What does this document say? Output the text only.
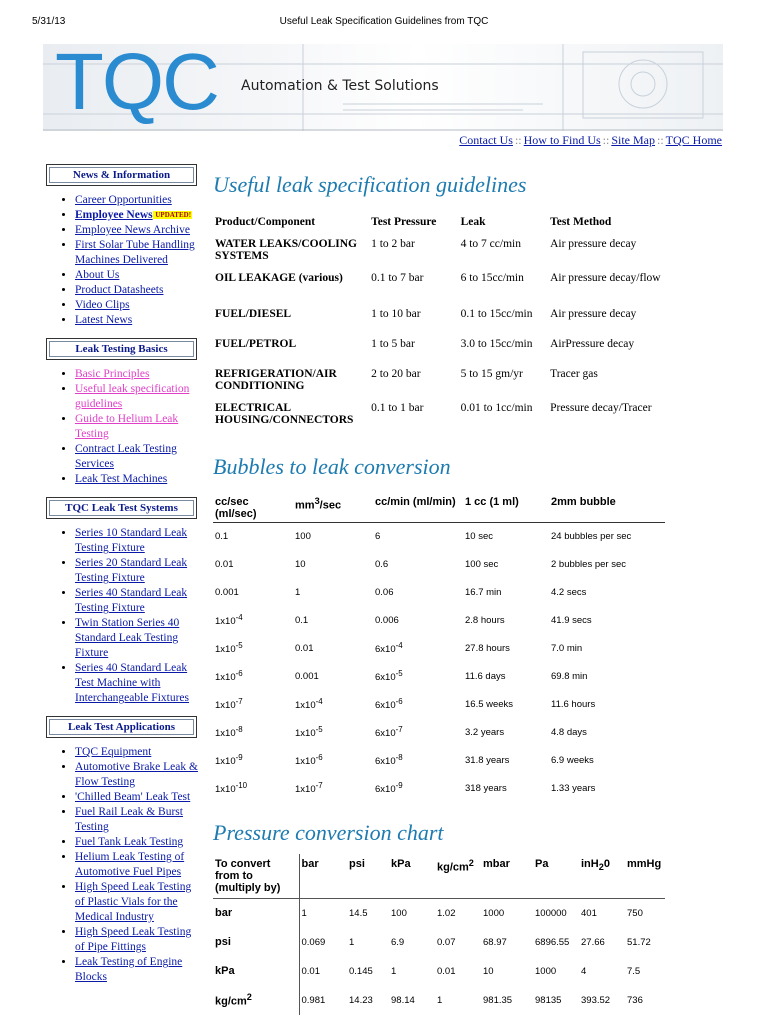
5/31/13	Useful Leak Specification Guidelines from TQC
TQC Automation & Test Solutions
Contact Us :: How to Find Us :: Site Map :: TQC Home
News & Information
• Career Opportunities
• Employee News UPDATED!
• Employee News Archive
• First Solar Tube Handling Machines Delivered
• About Us
• Product Datasheets
• Video Clips
• Latest News
Leak Testing Basics
• Basic Principles
• Useful leak specification guidelines
• Guide to Helium Leak Testing
• Contract Leak Testing Services
• Leak Test Machines
TQC Leak Test Systems
• Series 10 Standard Leak Testing Fixture
• Series 20 Standard Leak Testing Fixture
• Series 40 Standard Leak Testing Fixture
• Twin Station Series 40 Standard Leak Testing Fixture
• Series 40 Standard Leak Test Machine with Interchangeable Fixtures
Leak Test Applications
• TQC Equipment
• Automotive Brake Leak & Flow Testing
• 'Chilled Beam' Leak Test
• Fuel Rail Leak & Burst Testing
• Fuel Tank Leak Testing
• Helium Leak Testing of Automotive Fuel Pipes
• High Speed Leak Testing of Plastic Vials for the Medical Industry
• High Speed Leak Testing of Pipe Fittings
• Leak Testing of Engine Blocks
Useful leak specification guidelines
Product/Component	Test Pressure	Leak	Test Method
WATER LEAKS/COOLING SYSTEMS	1 to 2 bar	4 to 7 cc/min	Air pressure decay
OIL LEAKAGE (various)	0.1 to 7 bar	6 to 15cc/min	Air pressure decay/flow
FUEL/DIESEL	1 to 10 bar	0.1 to 15cc/min	Air pressure decay
FUEL/PETROL	1 to 5 bar	3.0 to 15cc/min	AirPressure decay
REFRIGERATION/AIR CONDITIONING	2 to 20 bar	5 to 15 gm/yr	Tracer gas
ELECTRICAL HOUSING/CONNECTORS	0.1 to 1 bar	0.01 to 1cc/min	Pressure decay/Tracer
Bubbles to leak conversion
cc/sec (ml/sec)	$mm^3/\sec$	cc/min (ml/min)	1 cc (1 ml)	2mm bubble
0.1	100	6	10 sec	24 bubbles per sec
0.01	10	0.6	100 sec	2 bubbles per sec
0.001	1	0.06	16.7 min	4.2 secs
$1x10^{-4}$	0.1	0.006	2.8 hours	41.9 secs
$1x10^{-5}$	0.01	$6x10^{-4}$	27.8 hours	7.0 min
$1x10^{-6}$	0.001	$6x10^{-5}$	11.6 days	69.8 min
$1x10^{-7}$	$1x10^{-4}$	$6x10^{-6}$	16.5 weeks	11.6 hours
$1x10^{-8}$	$1x10^{-5}$	$6x10^{-7}$	3.2 years	4.8 days
$1x10^{-9}$	$1x10^{-6}$	$6x10^{-8}$	31.8 years	6.9 weeks
$1x10^{-10}$	$1x10^{-7}$	$6x10^{-9}$	318 years	1.33 years
Pressure conversion chart
To convert from to (multiply by)	bar	psi	kPa	$kg/cm^2$	mbar	Pa	inH$_2$0	mmHg
bar	1	14.5	100	1.02	1000	100000	401	750
psi	0.069	1	6.9	0.07	68.97	6896.55	27.66	51.72
kPa	0.01	0.145	1	0.01	10	1000	4	7.5
$kg/cm^2$	0.981	14.23	98.14	1	981.35	98135	393.52	736
